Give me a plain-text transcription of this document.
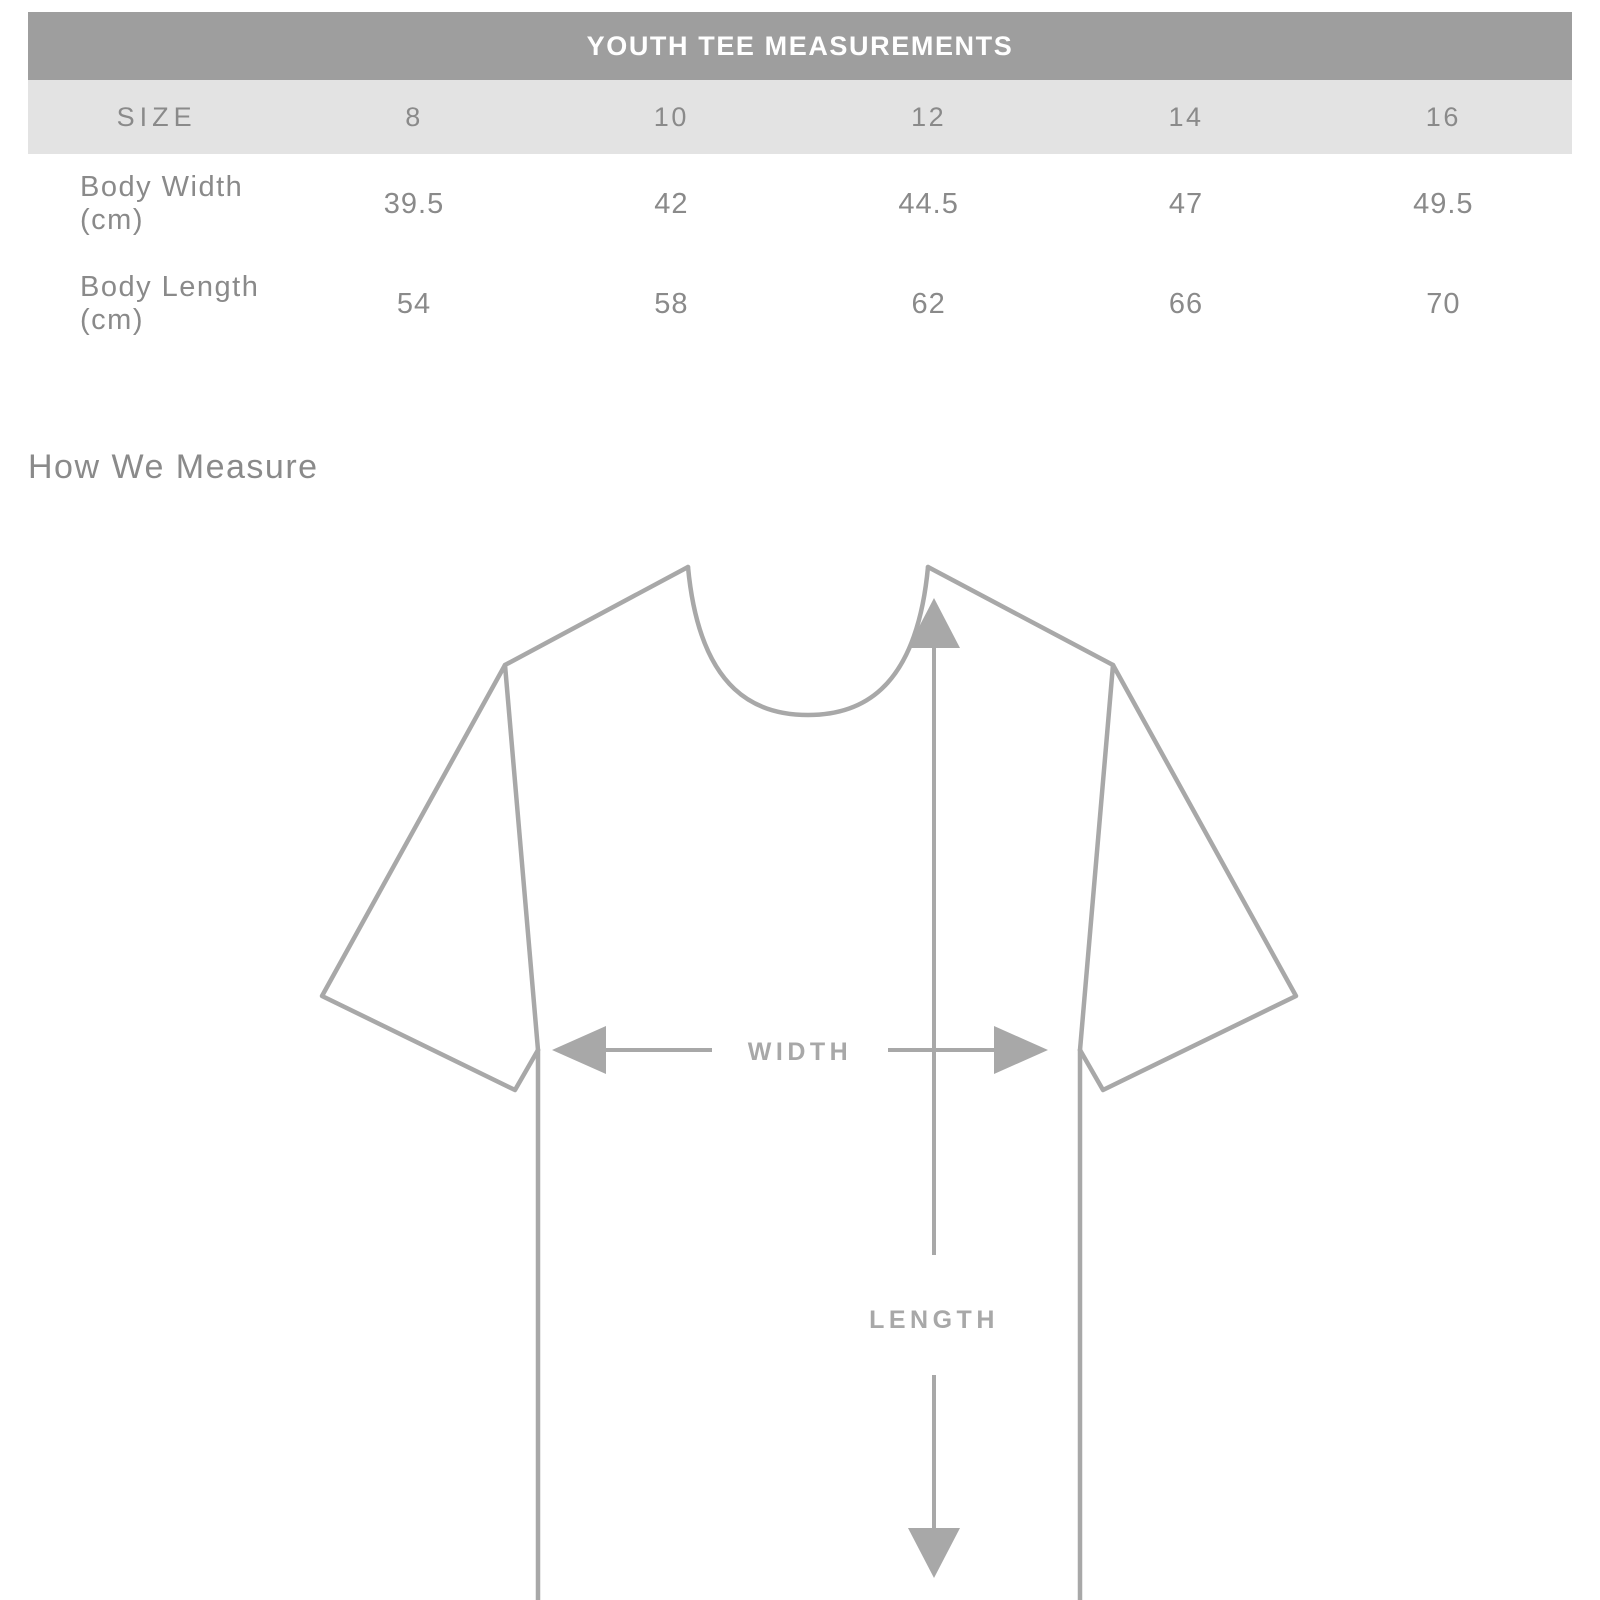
YOUTH TEE MEASUREMENTS					
SIZE	8	10	12	14	16
Body Width (cm)	39.5	42	44.5	47	49.5
Body Length (cm)	54	58	62	66	70
How We Measure
WIDTH
LENGTH
